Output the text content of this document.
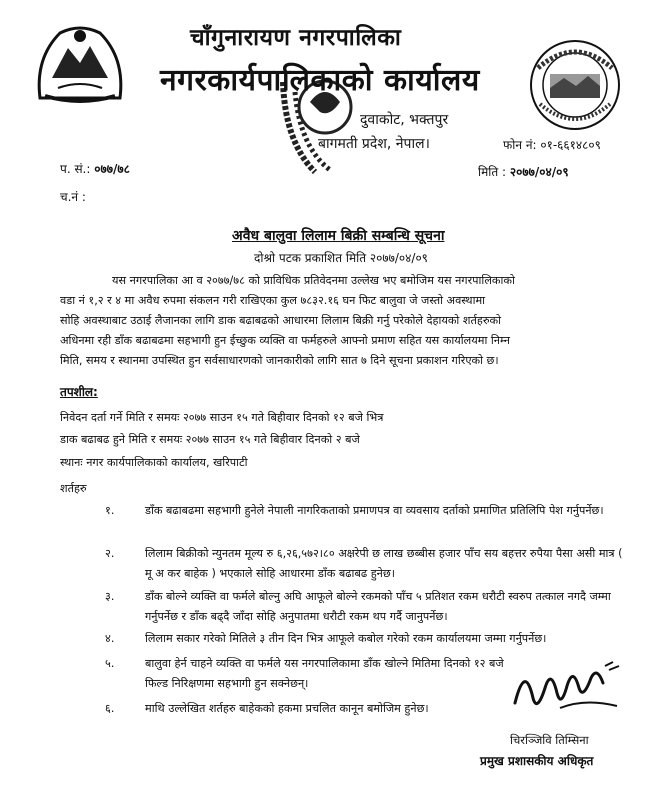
चाँगुनारायण नगरपालिका
नगरकार्यपालिकाको कार्यालय
दुवाकोट, भक्तपुर
बागमती प्रदेश, नेपाल।	फोन नं: ०१-६६१४८०९
प. सं.: ०७७/७८
च.नं :
मिति : २०७७/०४/०९
अवैध बालुवा लिलाम बिक्री सम्बन्धि सूचना
दोश्रो पटक प्रकाशित मिति २०७७/०४/०९
यस नगरपालिका आ व २०७७/७८ को प्राविधिक प्रतिवेदनमा उल्लेख भए बमोजिम यस नगरपालिकाको
वडा नं १,२ र ४ मा अवैध रुपमा संकलन गरी राखिएका कुल ७८३२.१६ घन फिट बालुवा जे जस्तो अवस्थामा
सोहि अवस्थाबाट उठाई लैजानका लागि डाक बढाबढको आधारमा लिलाम बिक्री गर्नु परेकोले देहायको शर्तहरुको
अधिनमा रही डाँक बढाबढमा सहभागी हुन ईच्छुक व्यक्ति वा फर्महरुले आफ्नो प्रमाण सहित यस कार्यालयमा निम्न
मिति, समय र स्थानमा उपस्थित हुन सर्वसाधारणको जानकारीको लागि सात ७ दिने सूचना प्रकाशन गरिएको छ।
तपशील:
निवेदन दर्ता गर्ने मिति र समयः २०७७ साउन १५ गते बिहीवार दिनको १२ बजे भित्र
डाक बढाबढ हुने मिति र समयः २०७७ साउन १५ गते बिहीवार दिनको २ बजे
स्थानः नगर कार्यपालिकाको कार्यालय, खरिपाटी
शर्तहरु
१.	डाँक बढाबढमा सहभागी हुनेले नेपाली नागरिकताको प्रमाणपत्र वा व्यवसाय दर्ताको प्रमाणित प्रतिलिपि पेश गर्नुपर्नेछ।
२.	लिलाम बिक्रीको न्युनतम मूल्य रु ६,२६,५७२।८० अक्षरेपी छ लाख छब्बीस हजार पाँच सय बहत्तर रुपैया पैसा असी मात्र ( मू अ कर बाहेक ) भएकाले सोहि आधारमा डाँक बढाबढ हुनेछ।
३.	डाँक बोल्ने व्यक्ति वा फर्मले बोल्नु अघि आफूले बोल्ने रकमको पाँच ५ प्रतिशत रकम धरौटी स्वरुप तत्काल नगदै जम्मा गर्नुपर्नेछ र डाँक बढ्दै जाँदा सोहि अनुपातमा धरौटी रकम थप गर्दै जानुपर्नेछ।
४.	लिलाम सकार गरेको मितिले ३ तीन दिन भित्र आफूले कबोल गरेको रकम कार्यालयमा जम्मा गर्नुपर्नेछ।
५.	बालुवा हेर्न चाहने व्यक्ति वा फर्मले यस नगरपालिकामा डाँक खोल्ने मितिमा दिनको १२ बजे फिल्ड निरिक्षणमा सहभागी हुन सक्नेछन्।
६.	माथि उल्लेखित शर्तहरु बाहेकको हकमा प्रचलित कानून बमोजिम हुनेछ।
चिरञ्जिवि तिम्सिना
प्रमुख प्रशासकीय अधिकृत
